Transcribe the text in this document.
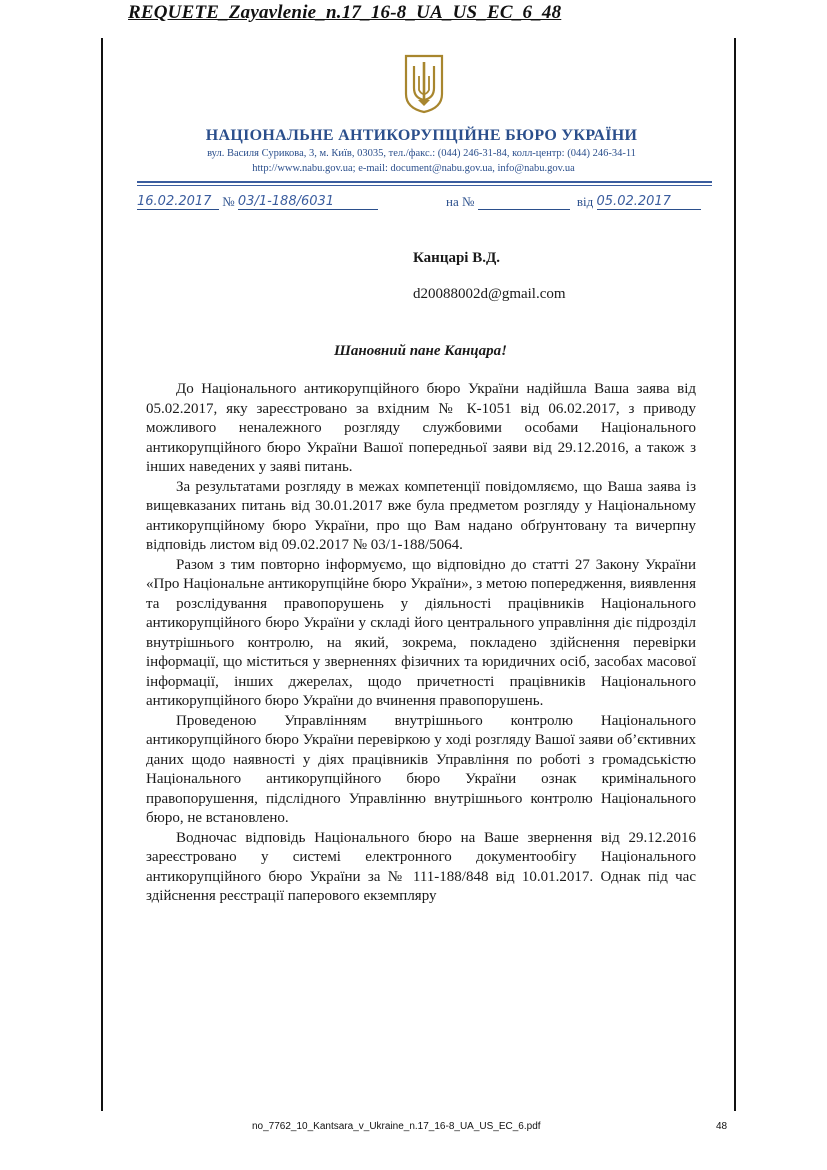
REQUETE_Zayavlenie_n.17_16-8_UA_US_EC_6_48
НАЦІОНАЛЬНЕ АНТИКОРУПЦІЙНЕ БЮРО УКРАЇНИ
вул. Василя Сурикова, 3, м. Київ, 03035, тел./факс.: (044) 246-31-84, колл-центр: (044) 246-34-11
http://www.nabu.gov.ua; e-mail: document@nabu.gov.ua, info@nabu.gov.ua
16.02.2017 № 03/1-188/6031	на №	від 05.02.2017
Канцарі В.Д.
d20088002d@gmail.com
Шановний пане Канцара!

До Національного антикорупційного бюро України надійшла Ваша заява від 05.02.2017, яку зареєстровано за вхідним № К-1051 від 06.02.2017, з приводу можливого неналежного розгляду службовими особами Національного антикорупційного бюро України Вашої попередньої заяви від 29.12.2016, а також з інших наведених у заяві питань.

За результатами розгляду в межах компетенції повідомляємо, що Ваша заява із вищевказаних питань від 30.01.2017 вже була предметом розгляду у Національному антикорупційному бюро України, про що Вам надано обґрунтовану та вичерпну відповідь листом від 09.02.2017 № 03/1-188/5064.

Разом з тим повторно інформуємо, що відповідно до статті 27 Закону України «Про Національне антикорупційне бюро України», з метою попередження, виявлення та розслідування правопорушень у діяльності працівників Національного антикорупційного бюро України у складі його центрального управління діє підрозділ внутрішнього контролю, на який, зокрема, покладено здійснення перевірки інформації, що міститься у зверненнях фізичних та юридичних осіб, засобах масової інформації, інших джерелах, щодо причетності працівників Національного антикорупційного бюро України до вчинення правопорушень.

Проведеною Управлінням внутрішнього контролю Національного антикорупційного бюро України перевіркою у ході розгляду Вашої заяви об’єктивних даних щодо наявності у діях працівників Управління по роботі з громадськістю Національного антикорупційного бюро України ознак кримінального правопорушення, підслідного Управлінню внутрішнього контролю Національного бюро, не встановлено.

Водночас відповідь Національного бюро на Ваше звернення від 29.12.2016 зареєстровано у системі електронного документообігу Національного антикорупційного бюро України за № 111-188/848 від 10.01.2017. Однак під час здійснення реєстрації паперового екземпляру

no_7762_10_Kantsara_v_Ukraine_n.17_16-8_UA_US_EC_6.pdf	48
